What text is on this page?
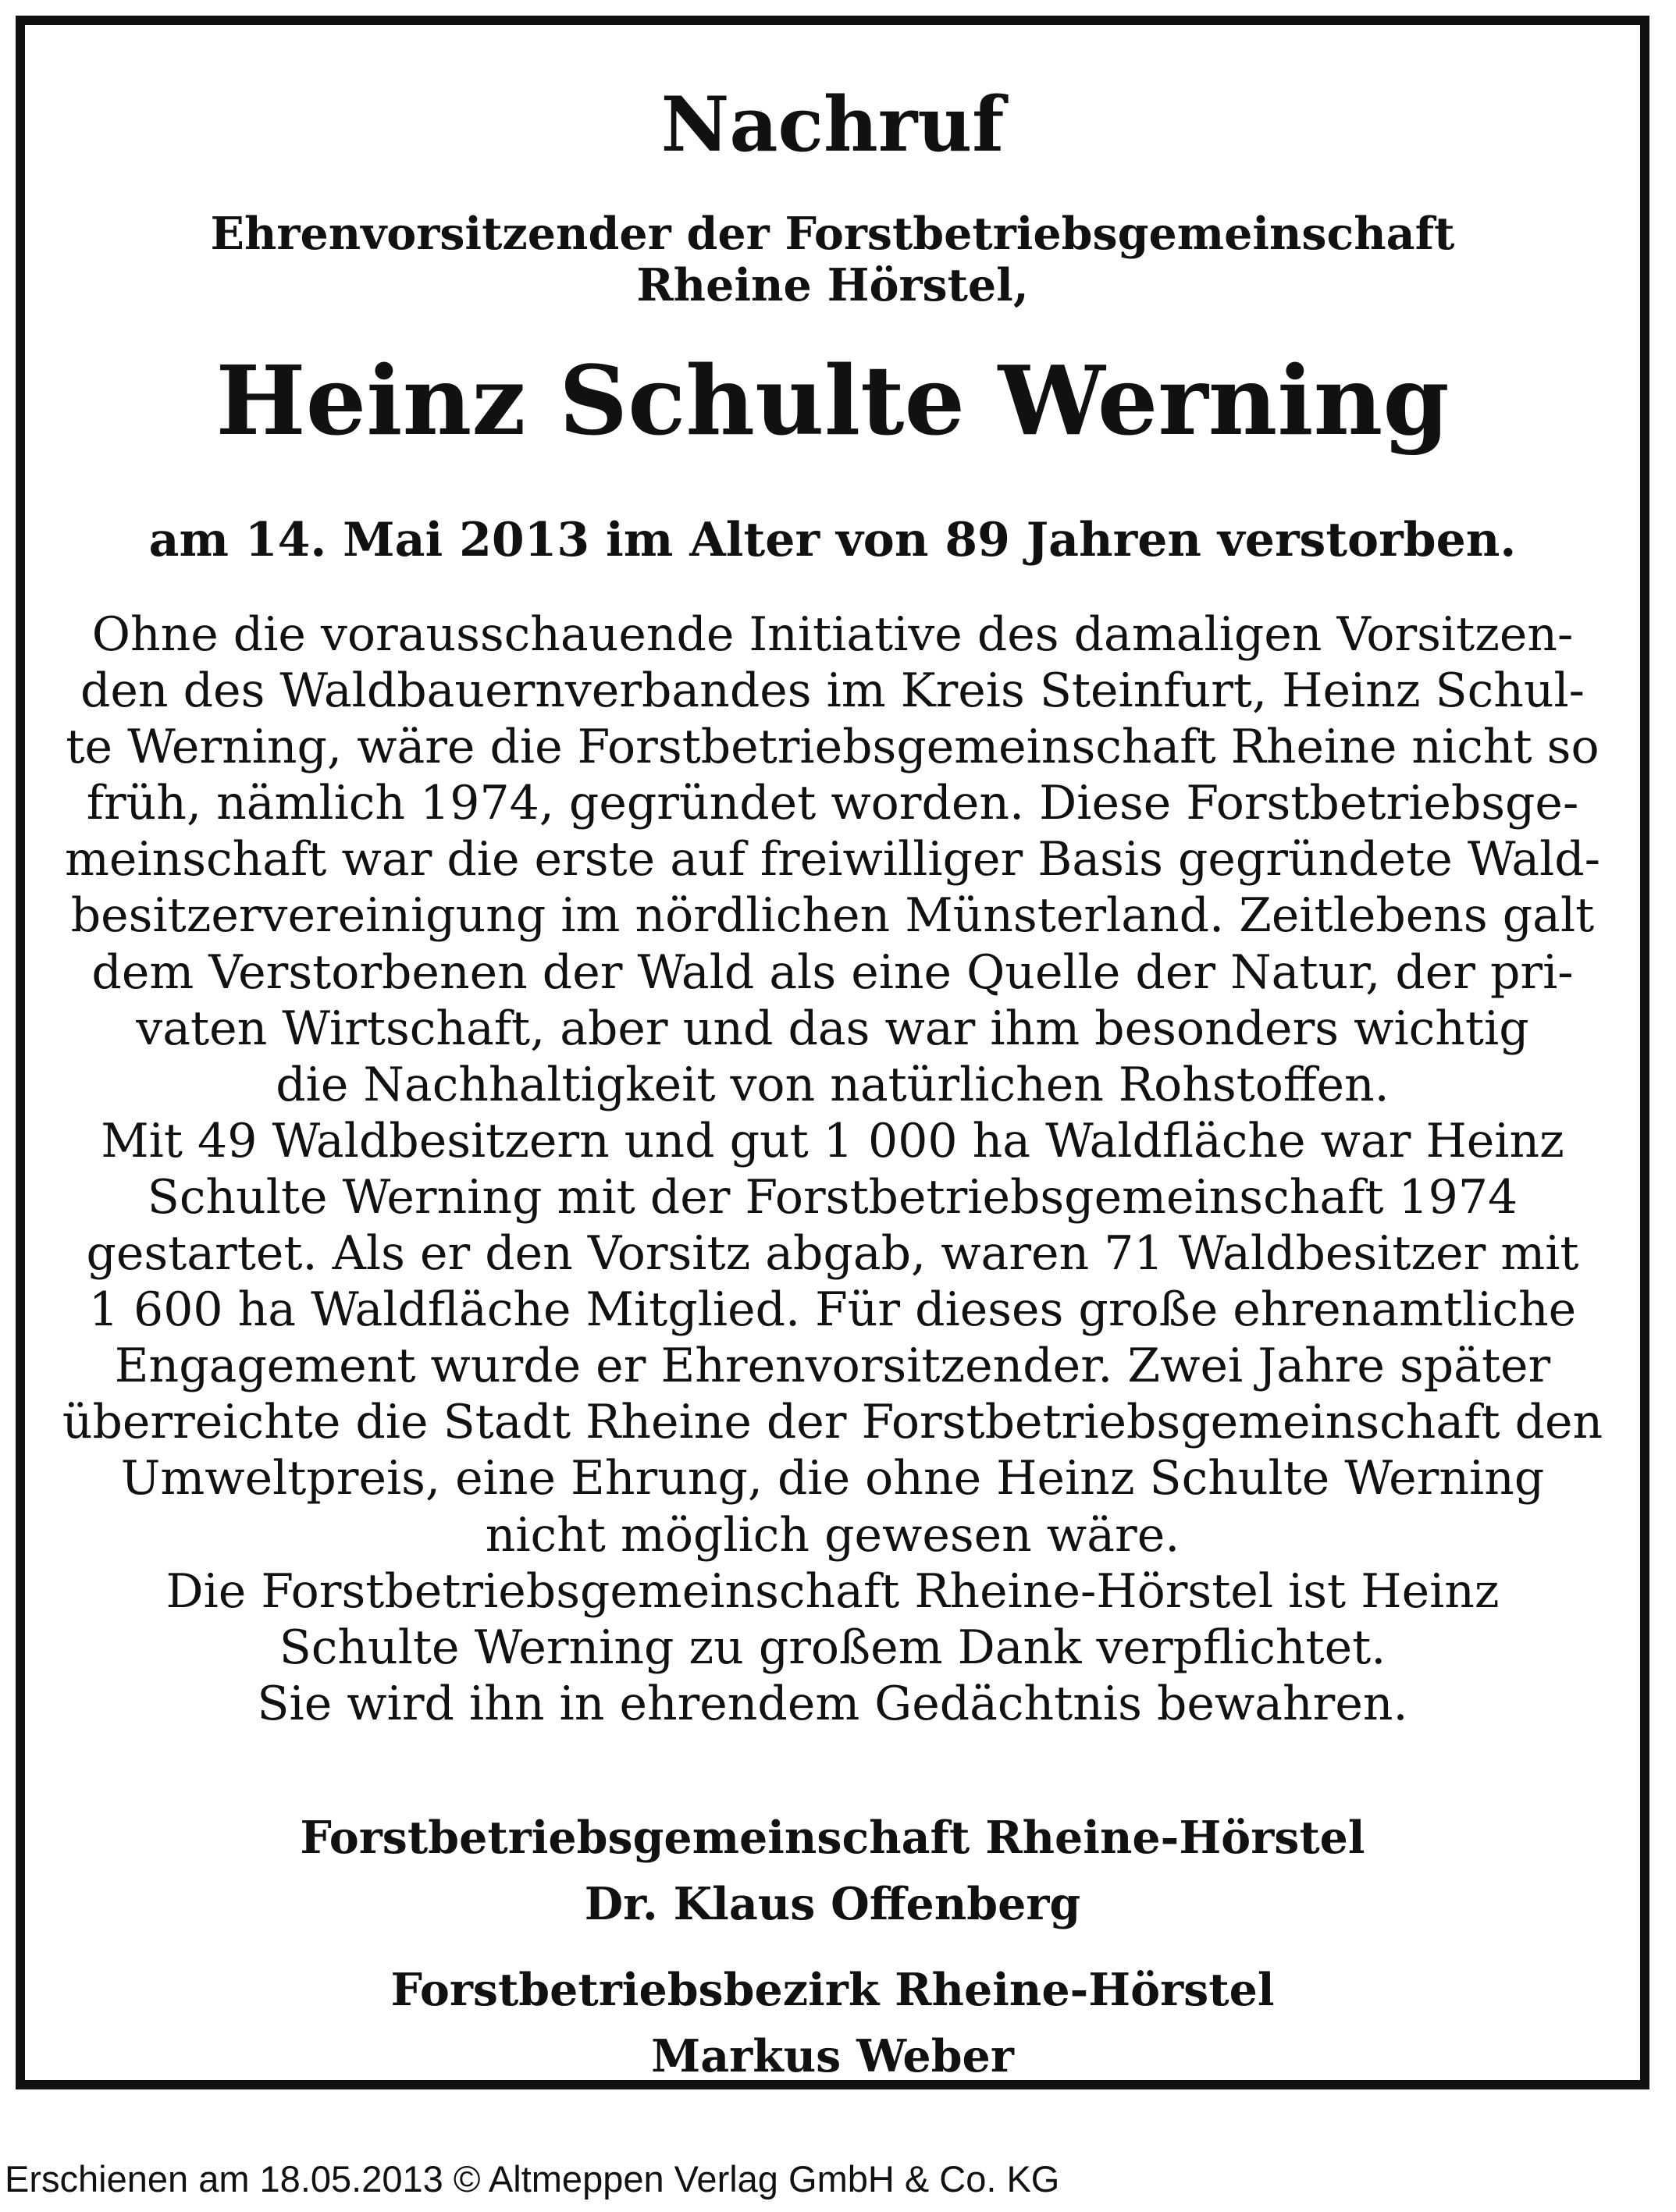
Nachruf
Ehrenvorsitzender der Forstbetriebsgemeinschaft
Rheine Hörstel,
Heinz Schulte Werning
am 14. Mai 2013 im Alter von 89 Jahren verstorben.
Ohne die vorausschauende Initiative des damaligen Vorsitzen-
den des Waldbauernverbandes im Kreis Steinfurt, Heinz Schul-
te Werning, wäre die Forstbetriebsgemeinschaft Rheine nicht so
früh, nämlich 1974, gegründet worden. Diese Forstbetriebsge-
meinschaft war die erste auf freiwilliger Basis gegründete Wald-
besitzervereinigung im nördlichen Münsterland. Zeitlebens galt
dem Verstorbenen der Wald als eine Quelle der Natur, der pri-
vaten Wirtschaft, aber und das war ihm besonders wichtig
die Nachhaltigkeit von natürlichen Rohstoffen.
Mit 49 Waldbesitzern und gut 1 000 ha Waldfläche war Heinz
Schulte Werning mit der Forstbetriebsgemeinschaft 1974
gestartet. Als er den Vorsitz abgab, waren 71 Waldbesitzer mit
1 600 ha Waldfläche Mitglied. Für dieses große ehrenamtliche
Engagement wurde er Ehrenvorsitzender. Zwei Jahre später
überreichte die Stadt Rheine der Forstbetriebsgemeinschaft den
Umweltpreis, eine Ehrung, die ohne Heinz Schulte Werning
nicht möglich gewesen wäre.
Die Forstbetriebsgemeinschaft Rheine-Hörstel ist Heinz
Schulte Werning zu großem Dank verpflichtet.
Sie wird ihn in ehrendem Gedächtnis bewahren.
Forstbetriebsgemeinschaft Rheine-Hörstel
Dr. Klaus Offenberg
Forstbetriebsbezirk Rheine-Hörstel
Markus Weber
Erschienen am 18.05.2013 © Altmeppen Verlag GmbH & Co. KG
